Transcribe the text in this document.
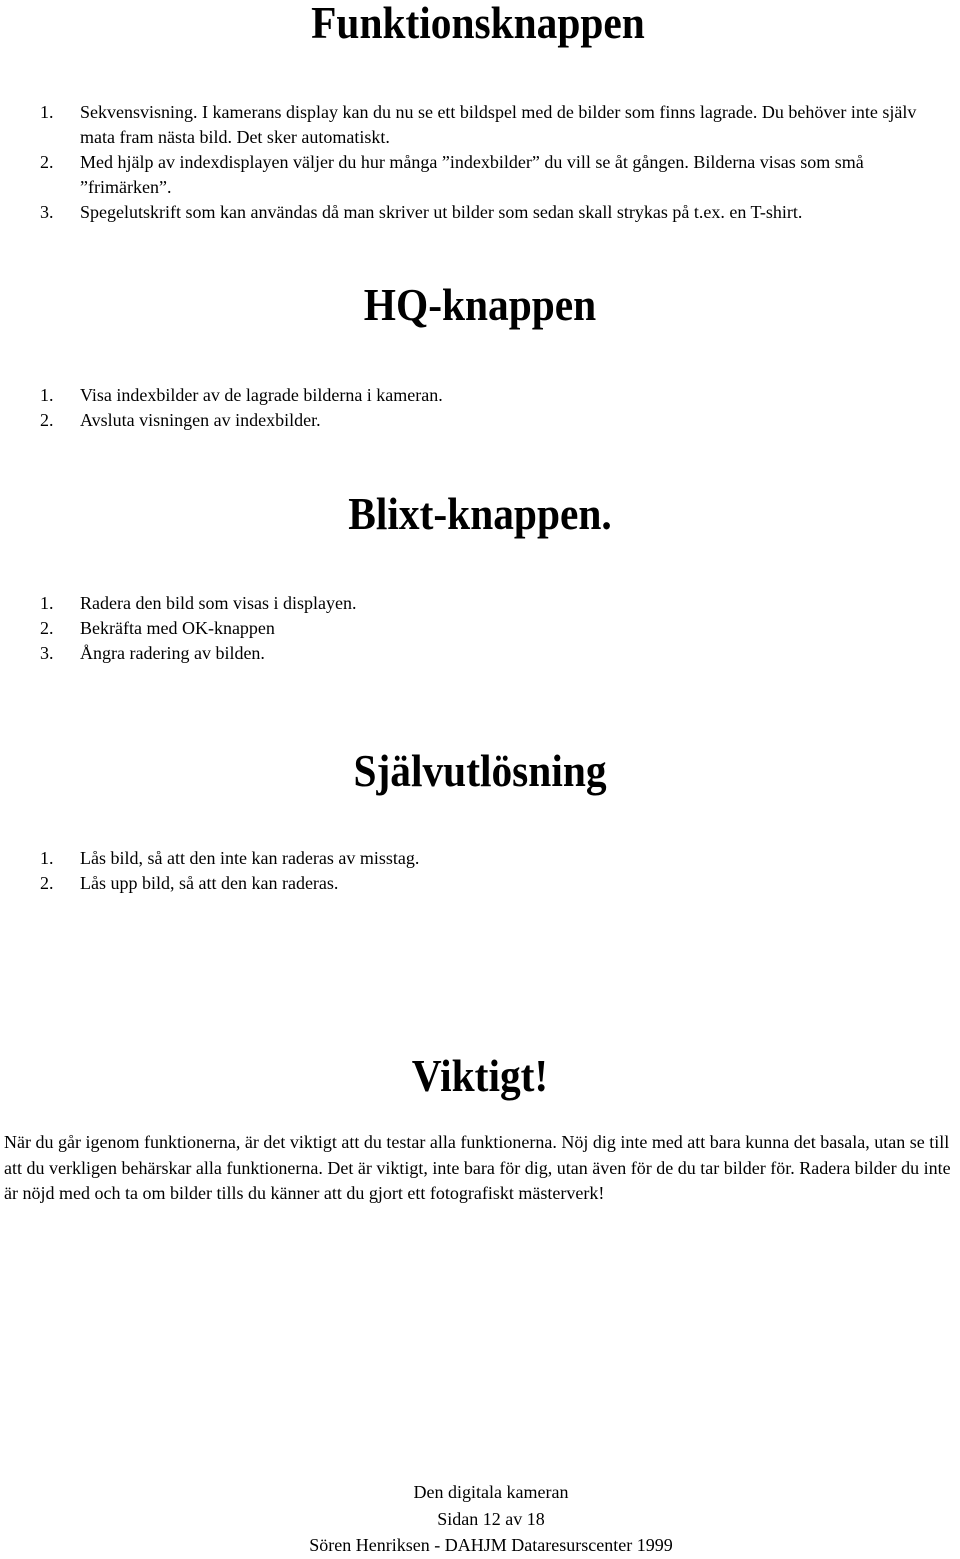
Funktionsknappen
1. Sekvensvisning. I kamerans display kan du nu se ett bildspel med de bilder som finns lagrade. Du behöver inte själv mata fram nästa bild. Det sker automatiskt.
2. Med hjälp av indexdisplayen väljer du hur många ”indexbilder” du vill se åt gången. Bilderna visas som små ”frimärken”.
3. Spegelutskrift som kan användas då man skriver ut bilder som sedan skall strykas på t.ex. en T-shirt.
HQ-knappen
1. Visa indexbilder av de lagrade bilderna i kameran.
2. Avsluta visningen av indexbilder.
Blixt-knappen.
1. Radera den bild som visas i displayen.
2. Bekräfta med OK-knappen
3. Ångra radering av bilden.
Självutlösning
1. Lås bild, så att den inte kan raderas av misstag.
2. Lås upp bild, så att den kan raderas.
Viktigt!

När du går igenom funktionerna, är det viktigt att du testar alla funktionerna. Nöj dig inte med att bara kunna det basala, utan se till att du verkligen behärskar alla funktionerna. Det är viktigt, inte bara för dig, utan även för de du tar bilder för. Radera bilder du inte är nöjd med och ta om bilder tills du känner att du gjort ett fotografiskt mästerverk!

Den digitala kameran
Sidan 12 av 18
Sören Henriksen - DAHJM Dataresurscenter 1999
